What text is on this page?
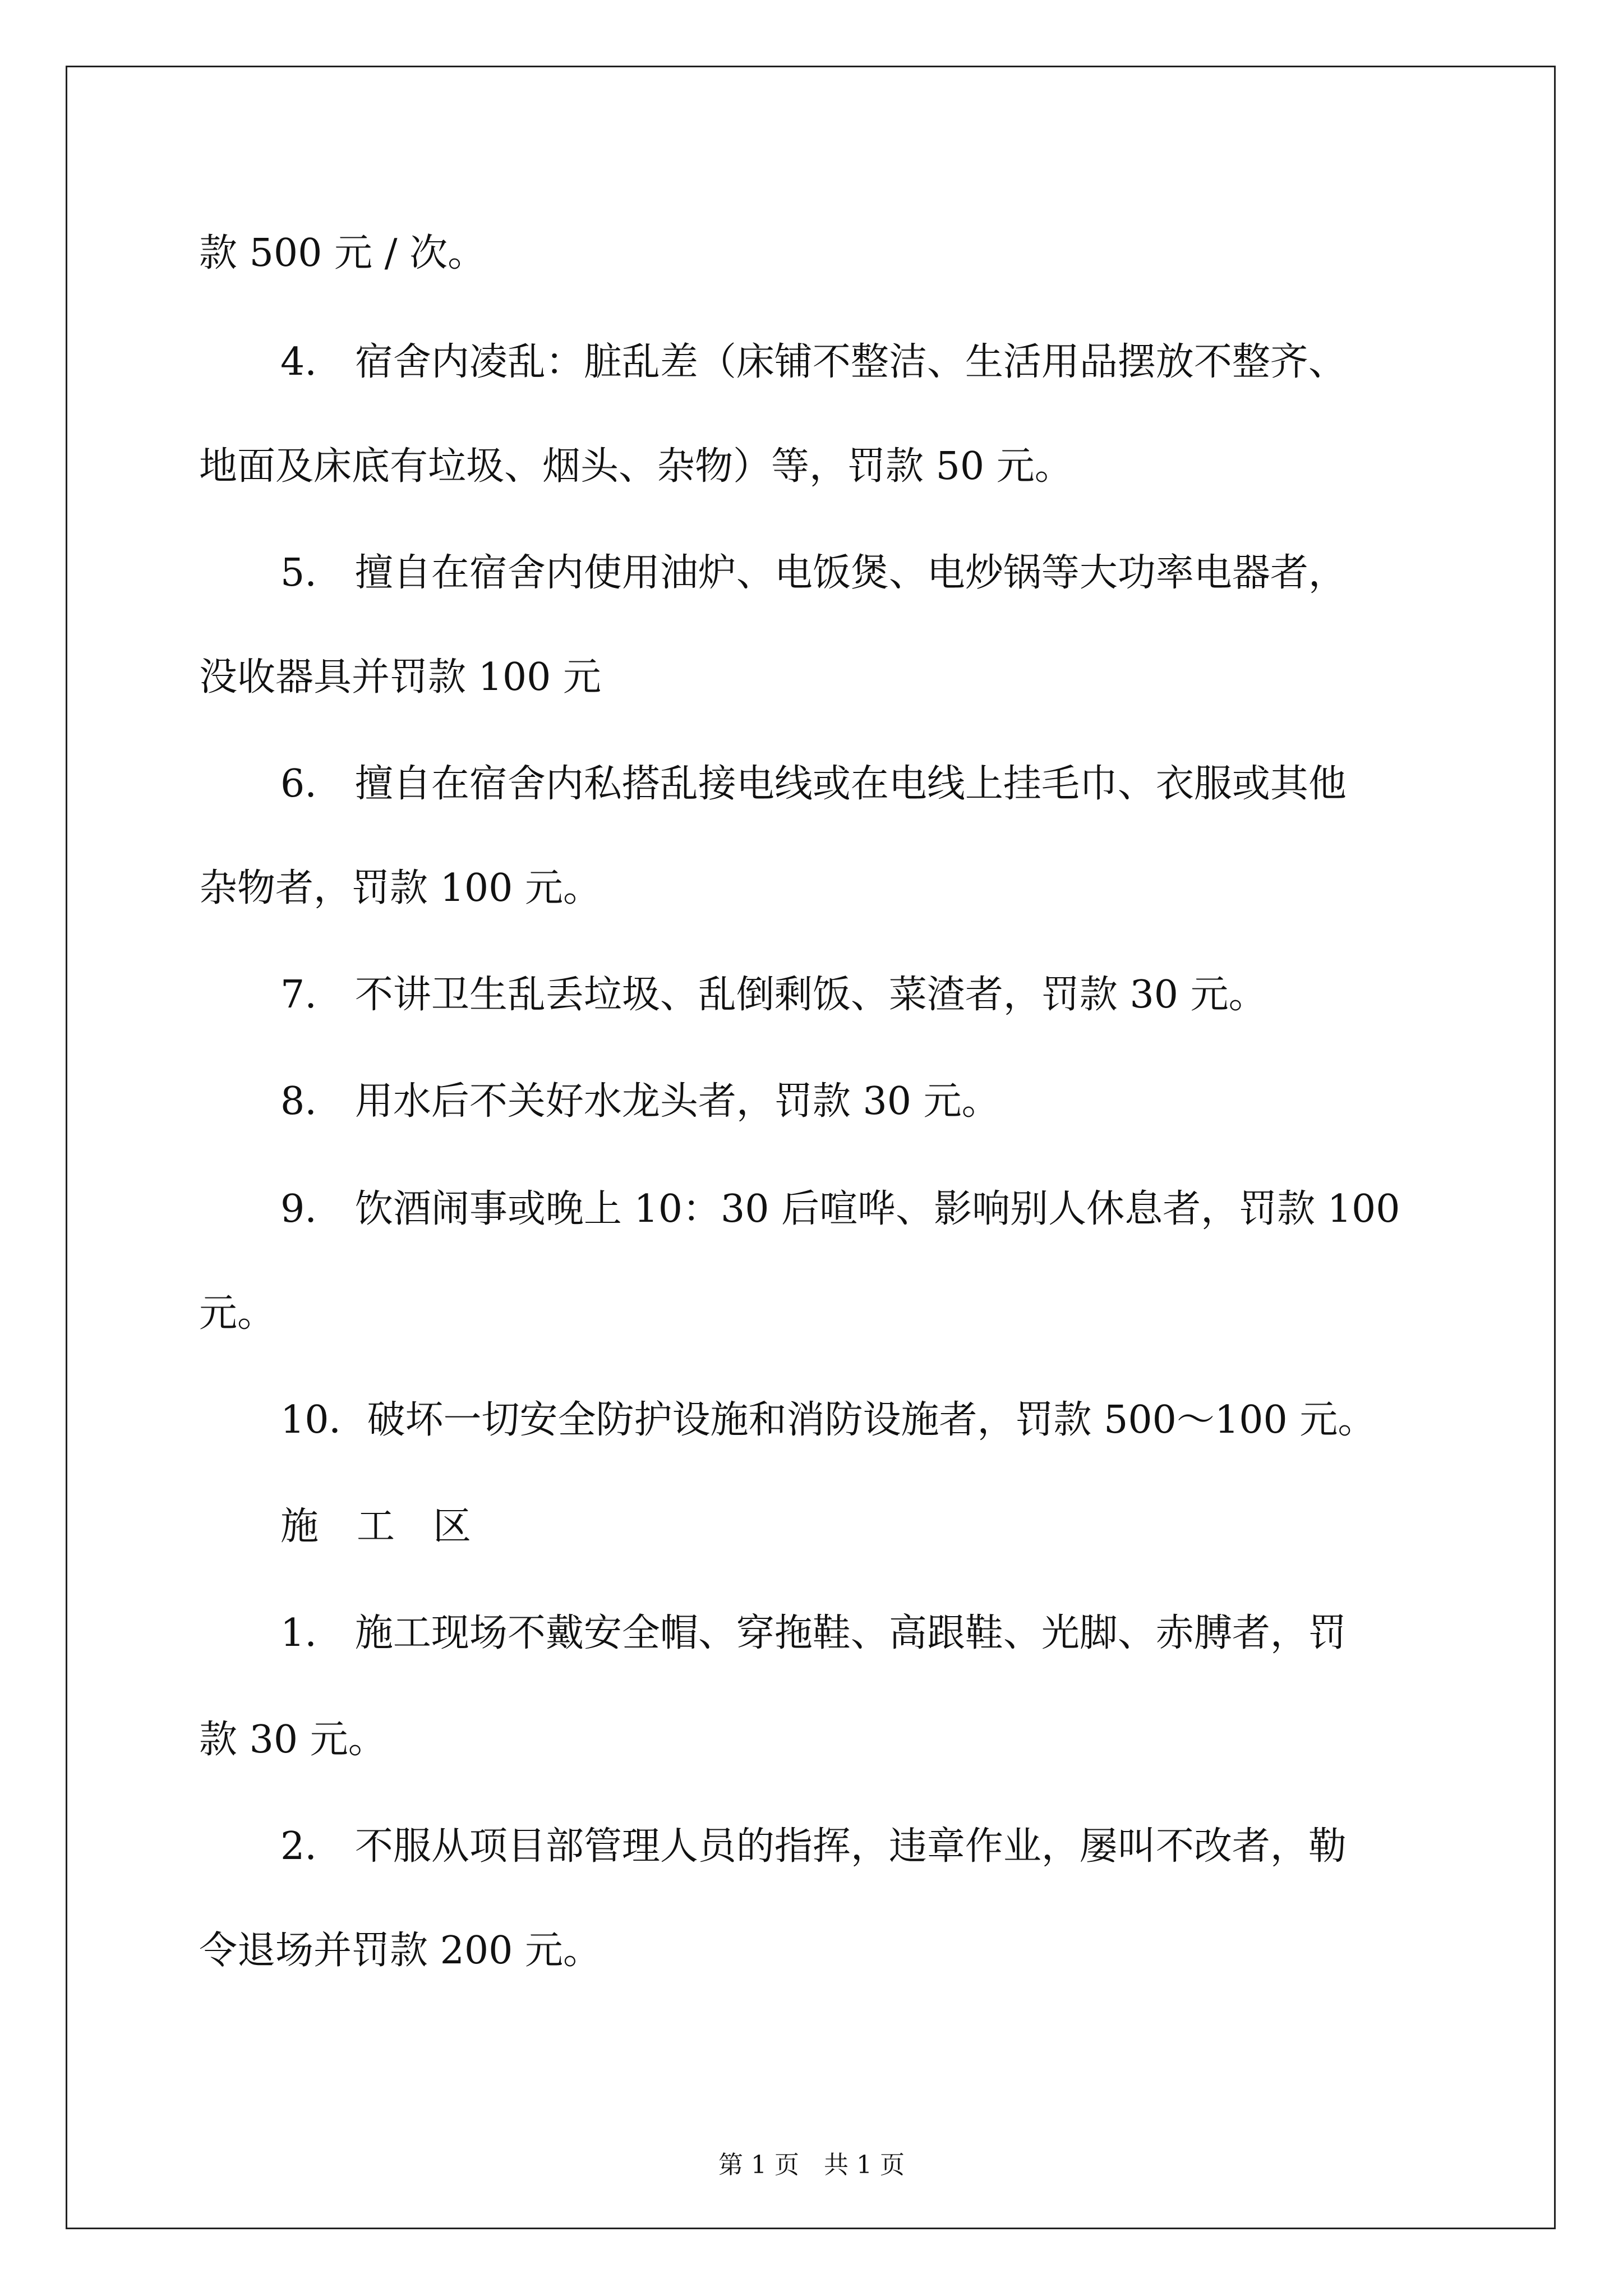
款 500 元 / 次。
4.　宿舍内凌乱：脏乱差（床铺不整洁、生活用品摆放不整齐、
地面及床底有垃圾、烟头、杂物）等，罚款 50 元。
5.　擅自在宿舍内使用油炉、电饭煲、电炒锅等大功率电器者，
没收器具并罚款 100 元
6.　擅自在宿舍内私搭乱接电线或在电线上挂毛巾、衣服或其他
杂物者，罚款 100 元。
7.　不讲卫生乱丢垃圾、乱倒剩饭、菜渣者，罚款 30 元。
8.　用水后不关好水龙头者，罚款 30 元。
9.　饮酒闹事或晚上 10：30 后喧哗、影响别人休息者，罚款 100
元。
10．破坏一切安全防护设施和消防设施者，罚款 500～100 元。
施　工　区
1.　施工现场不戴安全帽、穿拖鞋、高跟鞋、光脚、赤膊者，罚
款 30 元。
2.　不服从项目部管理人员的指挥，违章作业，屡叫不改者，勒
令退场并罚款 200 元。
第 1 页　共 1 页
